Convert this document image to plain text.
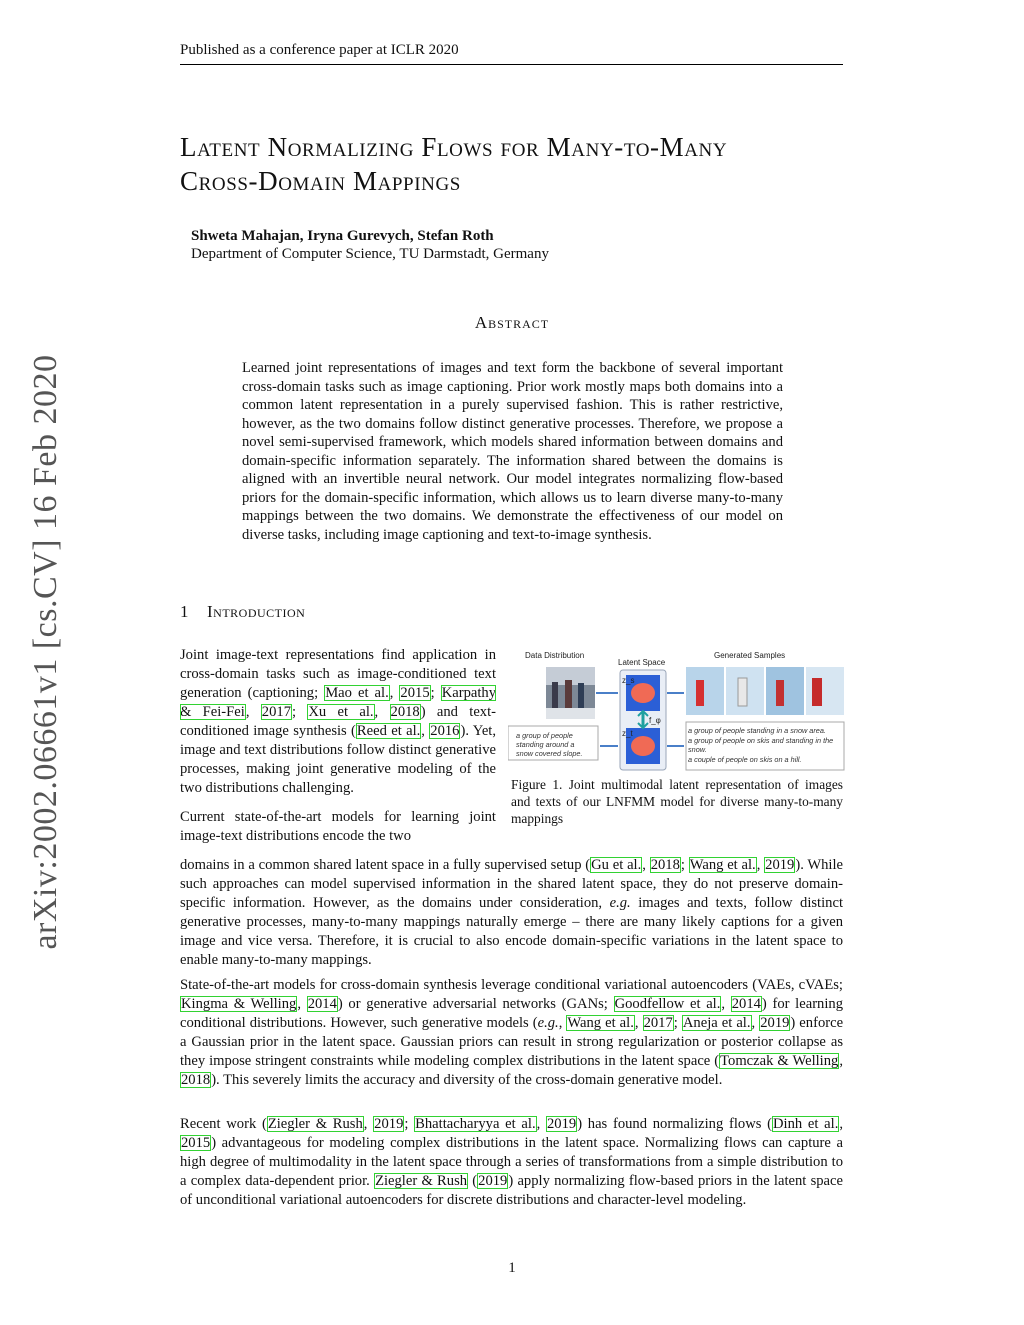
Published as a conference paper at ICLR 2020
arXiv:2002.06661v1 [cs.CV] 16 Feb 2020
Latent Normalizing Flows for Many-to-Many
Cross-Domain Mappings
Shweta Mahajan, Iryna Gurevych, Stefan Roth
Department of Computer Science, TU Darmstadt, Germany
Abstract

Learned joint representations of images and text form the backbone of several important cross-domain tasks such as image captioning. Prior work mostly maps both domains into a common latent representation in a purely supervised fashion. This is rather restrictive, however, as the two domains follow distinct generative processes. Therefore, we propose a novel semi-supervised framework, which models shared information between domains and domain-specific information separately. The information shared between the domains is aligned with an invertible neural network. Our model integrates normalizing flow-based priors for the domain-specific information, which allows us to learn diverse many-to-many mappings between the two domains. We demonstrate the effectiveness of our model on diverse tasks, including image captioning and text-to-image synthesis.

1 Introduction

Joint image-text representations find application in cross-domain tasks such as image-conditioned text generation (captioning; Mao et al., 2015; Karpathy & Fei-Fei, 2017; Xu et al., 2018) and text-conditioned image synthesis (Reed et al., 2016). Yet, image and text distributions follow distinct generative processes, making joint generative modeling of the two distributions challenging.

Current state-of-the-art models for learning joint image-text distributions encode the two

Data Distribution
Latent Space
Generated Samples
z_s
f_φ
z_t
a group of people
standing around a
snow covered slope.
a group of people standing in a snow area.
a group of people on skis and standing in the
snow.
a couple of people on skis on a hill.
Figure 1. Joint multimodal latent representation of images and texts of our LNFMM model for diverse many-to-many mappings

domains in a common shared latent space in a fully supervised setup (Gu et al., 2018; Wang et al., 2019). While such approaches can model supervised information in the shared latent space, they do not preserve domain-specific information. However, as the domains under consideration, e.g. images and texts, follow distinct generative processes, many-to-many mappings naturally emerge – there are many likely captions for a given image and vice versa. Therefore, it is crucial to also encode domain-specific variations in the latent space to enable many-to-many mappings.

State-of-the-art models for cross-domain synthesis leverage conditional variational autoencoders (VAEs, cVAEs; Kingma & Welling, 2014) or generative adversarial networks (GANs; Goodfellow et al., 2014) for learning conditional distributions. However, such generative models (e.g., Wang et al., 2017; Aneja et al., 2019) enforce a Gaussian prior in the latent space. Gaussian priors can result in strong regularization or posterior collapse as they impose stringent constraints while modeling complex distributions in the latent space (Tomczak & Welling, 2018). This severely limits the accuracy and diversity of the cross-domain generative model.

Recent work (Ziegler & Rush, 2019; Bhattacharyya et al., 2019) has found normalizing flows (Dinh et al., 2015) advantageous for modeling complex distributions in the latent space. Normalizing flows can capture a high degree of multimodality in the latent space through a series of transformations from a simple distribution to a complex data-dependent prior. Ziegler & Rush (2019) apply normalizing flow-based priors in the latent space of unconditional variational autoencoders for discrete distributions and character-level modeling.

1
